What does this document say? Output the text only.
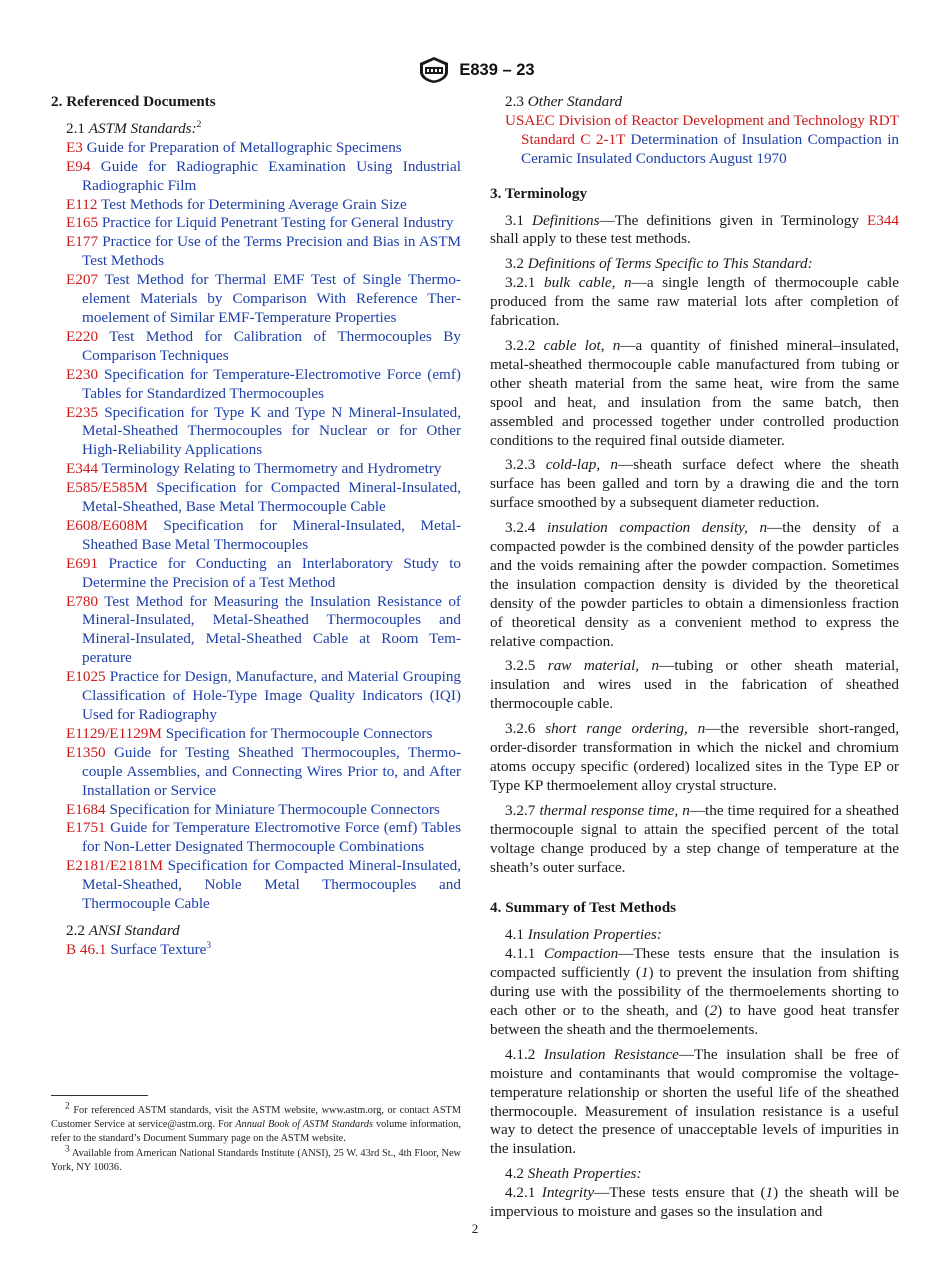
E839 – 23

2. Referenced Documents

2.1 ASTM Standards:$^2$

E3 Guide for Preparation of Metallographic Specimens

E94 Guide for Radiographic Examination Using Industrial Radiographic Film

E112 Test Methods for Determining Average Grain Size

E165 Practice for Liquid Penetrant Testing for General Industry

E177 Practice for Use of the Terms Precision and Bias in ASTM Test Methods

E207 Test Method for Thermal EMF Test of Single Thermoelement Materials by Comparison With Reference Thermoelement of Similar EMF-Temperature Properties

E220 Test Method for Calibration of Thermocouples By Comparison Techniques

E230 Specification for Temperature-Electromotive Force (emf) Tables for Standardized Thermocouples

E235 Specification for Type K and Type N Mineral-Insulated, Metal-Sheathed Thermocouples for Nuclear or for Other High-Reliability Applications

E344 Terminology Relating to Thermometry and Hydrometry

E585/E585M Specification for Compacted Mineral-Insulated, Metal-Sheathed, Base Metal Thermocouple Cable

E608/E608M Specification for Mineral-Insulated, Metal-Sheathed Base Metal Thermocouples

E691 Practice for Conducting an Interlaboratory Study to Determine the Precision of a Test Method

E780 Test Method for Measuring the Insulation Resistance of Mineral-Insulated, Metal-Sheathed Thermocouples and Mineral-Insulated, Metal-Sheathed Cable at Room Temperature

E1025 Practice for Design, Manufacture, and Material Grouping Classification of Hole-Type Image Quality Indicators (IQI) Used for Radiography

E1129/E1129M Specification for Thermocouple Connectors

E1350 Guide for Testing Sheathed Thermocouples, Thermocouple Assemblies, and Connecting Wires Prior to, and After Installation or Service

E1684 Specification for Miniature Thermocouple Connectors

E1751 Guide for Temperature Electromotive Force (emf) Tables for Non-Letter Designated Thermocouple Combinations

E2181/E2181M Specification for Compacted Mineral-Insulated, Metal-Sheathed, Noble Metal Thermocouples and Thermocouple Cable

2.2 ANSI Standard

B 46.1 Surface Texture$^3$

$^2$ For referenced ASTM standards, visit the ASTM website, www.astm.org, or contact ASTM Customer Service at service@astm.org. For Annual Book of ASTM Standards volume information, refer to the standard’s Document Summary page on the ASTM website.

$^3$ Available from American National Standards Institute (ANSI), 25 W. 43rd St., 4th Floor, New York, NY 10036.

2.3 Other Standard

USAEC Division of Reactor Development and Technology RDT Standard C 2-1T Determination of Insulation Compaction in Ceramic Insulated Conductors August 1970

3. Terminology

3.1 Definitions—The definitions given in Terminology E344 shall apply to these test methods.

3.2 Definitions of Terms Specific to This Standard:

3.2.1 bulk cable, n—a single length of thermocouple cable produced from the same raw material lots after completion of fabrication.

3.2.2 cable lot, n—a quantity of finished mineral–insulated, metal-sheathed thermocouple cable manufactured from tubing or other sheath material from the same heat, wire from the same spool and heat, and insulation from the same batch, then assembled and processed together under controlled production conditions to the required final outside diameter.

3.2.3 cold-lap, n—sheath surface defect where the sheath surface has been galled and torn by a drawing die and the torn surface smoothed by a subsequent diameter reduction.

3.2.4 insulation compaction density, n—the density of a compacted powder is the combined density of the powder particles and the voids remaining after the powder compaction. Sometimes the insulation compaction density is divided by the theoretical density of the powder particles to obtain a dimensionless fraction of theoretical density as a convenient method to express the relative compaction.

3.2.5 raw material, n—tubing or other sheath material, insulation and wires used in the fabrication of sheathed thermocouple cable.

3.2.6 short range ordering, n—the reversible short-ranged, order-disorder transformation in which the nickel and chromium atoms occupy specific (ordered) localized sites in the Type EP or Type KP thermoelement alloy crystal structure.

3.2.7 thermal response time, n—the time required for a sheathed thermocouple signal to attain the specified percent of the total voltage change produced by a step change of temperature at the sheath’s outer surface.

4. Summary of Test Methods

4.1 Insulation Properties:

4.1.1 Compaction—These tests ensure that the insulation is compacted sufficiently (1) to prevent the insulation from shifting during use with the possibility of the thermoelements shorting to each other or to the sheath, and (2) to have good heat transfer between the sheath and the thermoelements.

4.1.2 Insulation Resistance—The insulation shall be free of moisture and contaminants that would compromise the voltage-temperature relationship or shorten the useful life of the sheathed thermocouple. Measurement of insulation resistance is a useful way to detect the presence of unacceptable levels of impurities in the insulation.

4.2 Sheath Properties:

4.2.1 Integrity—These tests ensure that (1) the sheath will be impervious to moisture and gases so the insulation and

2
